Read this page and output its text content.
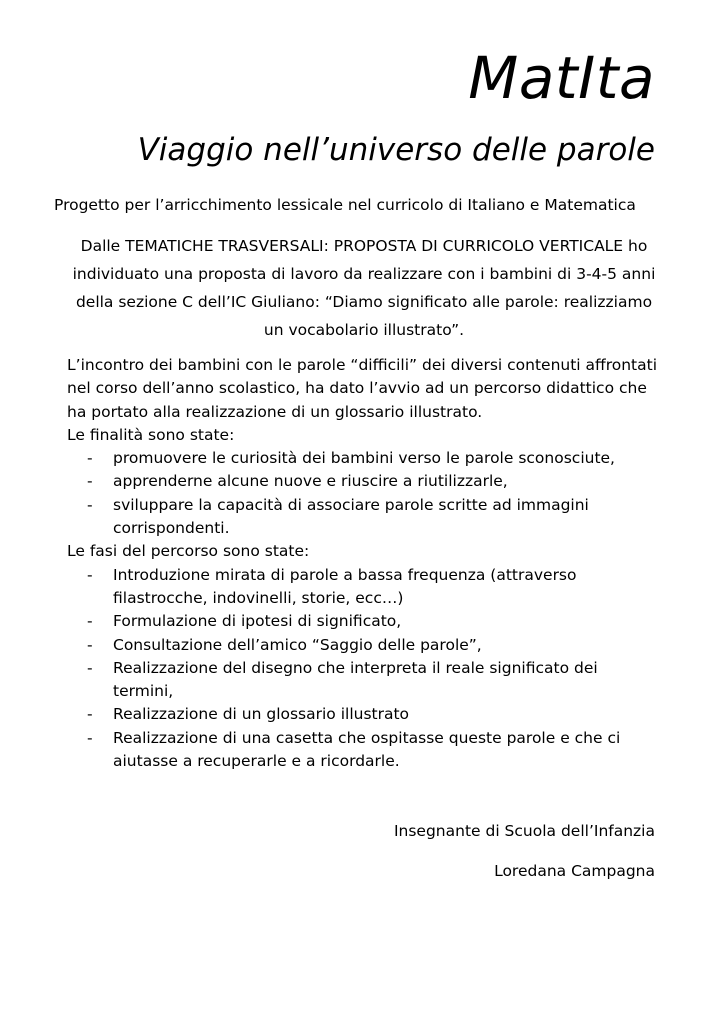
MatIta
Viaggio nell’universo delle parole

Progetto per l’arricchimento lessicale nel curricolo di Italiano e Matematica

Dalle TEMATICHE TRASVERSALI: PROPOSTA DI CURRICOLO VERTICALE ho individuato una proposta di lavoro da realizzare con i bambini di 3-4-5 anni della sezione C dell’IC Giuliano: “Diamo significato alle parole: realizziamo un vocabolario illustrato”.

L’incontro dei bambini con le parole “difficili” dei diversi contenuti affrontati nel corso dell’anno scolastico, ha dato l’avvio ad un percorso didattico che ha portato alla realizzazione di un glossario illustrato.

Le finalità sono state:

- promuovere le curiosità dei bambini verso le parole sconosciute,
- apprenderne alcune nuove e riuscire a riutilizzarle,
- sviluppare la capacità di associare parole scritte ad immagini corrispondenti.

Le fasi del percorso sono state:

- Introduzione mirata di parole a bassa frequenza (attraverso filastrocche, indovinelli, storie, ecc…)
- Formulazione di ipotesi di significato,
- Consultazione dell’amico “Saggio delle parole”,
- Realizzazione del disegno che interpreta il reale significato dei termini,
- Realizzazione di un glossario illustrato
- Realizzazione di una casetta che ospitasse queste parole e che ci aiutasse a recuperarle e a ricordarle.

Insegnante di Scuola dell’Infanzia

Loredana Campagna
